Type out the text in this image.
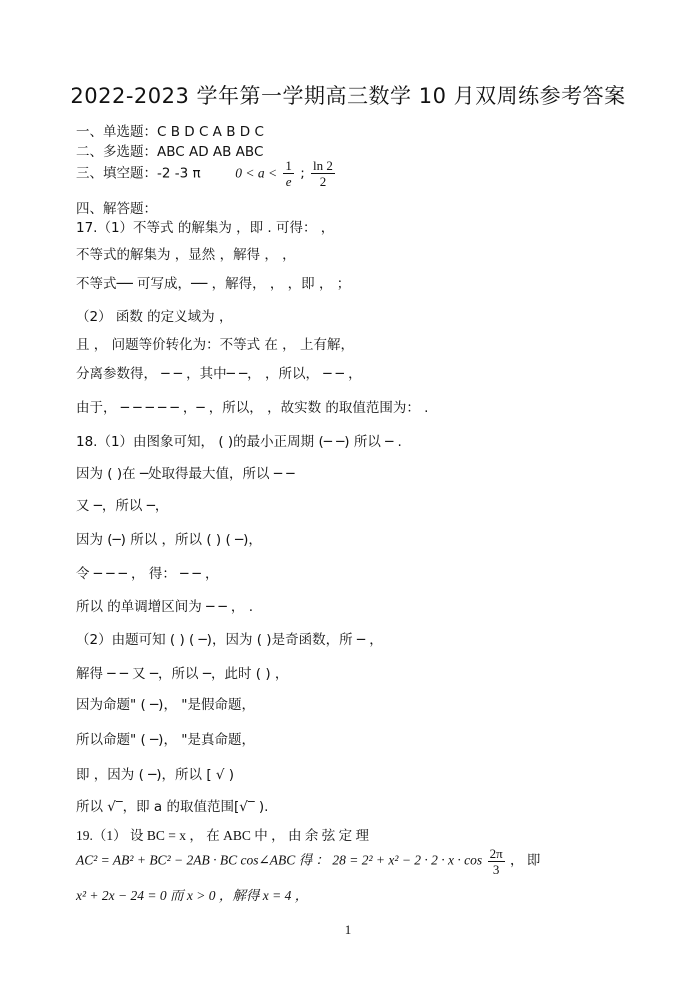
2022-2023 学年第一学期高三数学 10 月双周练参考答案
一、单选题：C B D C A B D C
二、多选题：ABC AD AB ABC
三、填空题：-2 -3 π	$0 < a < \frac{1}{e}$ ; $\frac{\ln 2}{2}$
四、解答题：
17.（1）不等式 的解集为 ，即 . 可得： ，
不等式的解集为 ，显然 ，解得 ， ，
不等式── 可写成，── ，解得， ， ，即 ， ；
（2） 函数 的定义域为 ，
且 ， 问题等价转化为：不等式 在 ， 上有解，
分离参数得， ─ ─ ，其中─ ─， ，所以， ─ ─ ，
由于， ─ ─ ─ ─ ─ ，─ ，所以， ，故实数 的取值范围为： .
18.（1）由图象可知， ( )的最小正周期 (─ ─) 所以 ─ .
因为 ( )在 ─处取得最大值，所以 ─ ─
又 ─，所以 ─，
因为 (─) 所以 ，所以 ( ) ( ─)，
令 ─ ─ ─ ， 得： ─ ─ ，
所以 的单调增区间为 ─ ─ ， .
（2）由题可知 ( ) ( ─)，因为 ( )是奇函数，所 ─ ，
解得 ─ ─ 又 ─，所以 ─，此时 ( ) ，
因为命题" ( ─)， "是假命题，
所以命题" ( ─)， "是真命题，
即 ，因为 ( ─)，所以 [ √ )
所以 √‾，即 a 的取值范围[√‾ ).
19.（1） 设 BC = x ， 在 ABC 中 ， 由 余 弦 定 理
AC² = AB² + BC² − 2AB · BC cos∠ABC 得 ： $28 = 2^2 + x^2 - 2 \cdot 2 \cdot x \cdot \cos \frac{2\pi}{3}$ ， 即
x² + 2x − 24 = 0 而 x > 0 ，解得 x = 4 ，
1
